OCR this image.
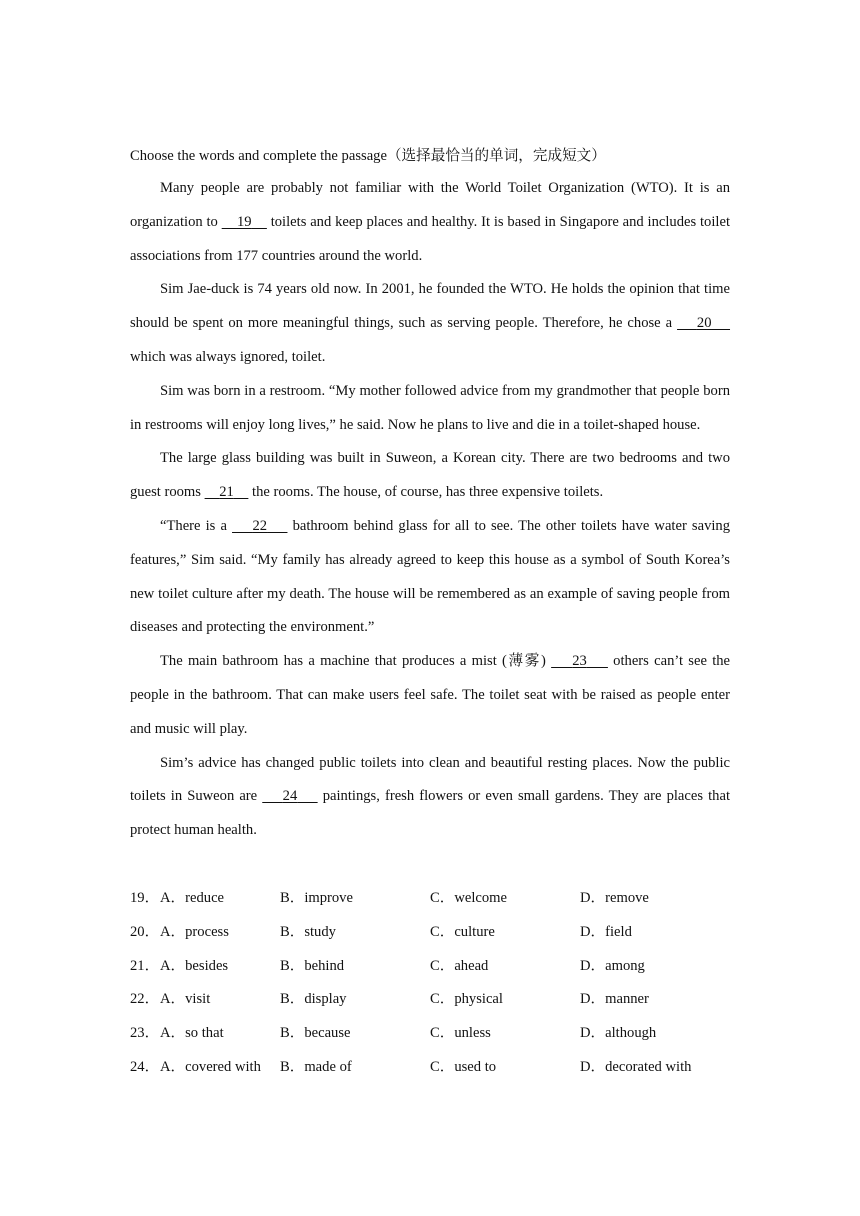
Choose the words and complete the passage（选择最恰当的单词，完成短文）

Many people are probably not familiar with the World Toilet Organization (WTO). It is an organization to     19     toilets and keep places and healthy. It is based in Singapore and includes toilet associations from 177 countries around the world.

Sim Jae-duck is 74 years old now. In 2001, he founded the WTO. He holds the opinion that time should be spent on more meaningful things, such as serving people. Therefore, he chose a     20     which was always ignored, toilet.

Sim was born in a restroom. “My mother followed advice from my grandmother that people born in restrooms will enjoy long lives,” he said. Now he plans to live and die in a toilet-shaped house.

The large glass building was built in Suweon, a Korean city. There are two bedrooms and two guest rooms     21     the rooms. The house, of course, has three expensive toilets.

“There is a     22     bathroom behind glass for all to see. The other toilets have water saving features,” Sim said. “My family has already agreed to keep this house as a symbol of South Korea’s new toilet culture after my death. The house will be remembered as an example of saving people from diseases and protecting the environment.”

The main bathroom has a machine that produces a mist (薄雾)     23     others can’t see the people in the bathroom. That can make users feel safe. The toilet seat with be raised as people enter and music will play.

Sim’s advice has changed public toilets into clean and beautiful resting places. Now the public toilets in Suweon are     24     paintings, fresh flowers or even small gardens. They are places that protect human health.

19． A．reduce	B．improve	C．welcome	D．remove
20． A．process	B．study	C．culture	D．field
21． A．besides	B．behind	C．ahead	D．among
22． A．visit	B．display	C．physical	D．manner
23． A．so that	B．because	C．unless	D．although
24． A．covered with B．made of	C．used to	D．decorated with
